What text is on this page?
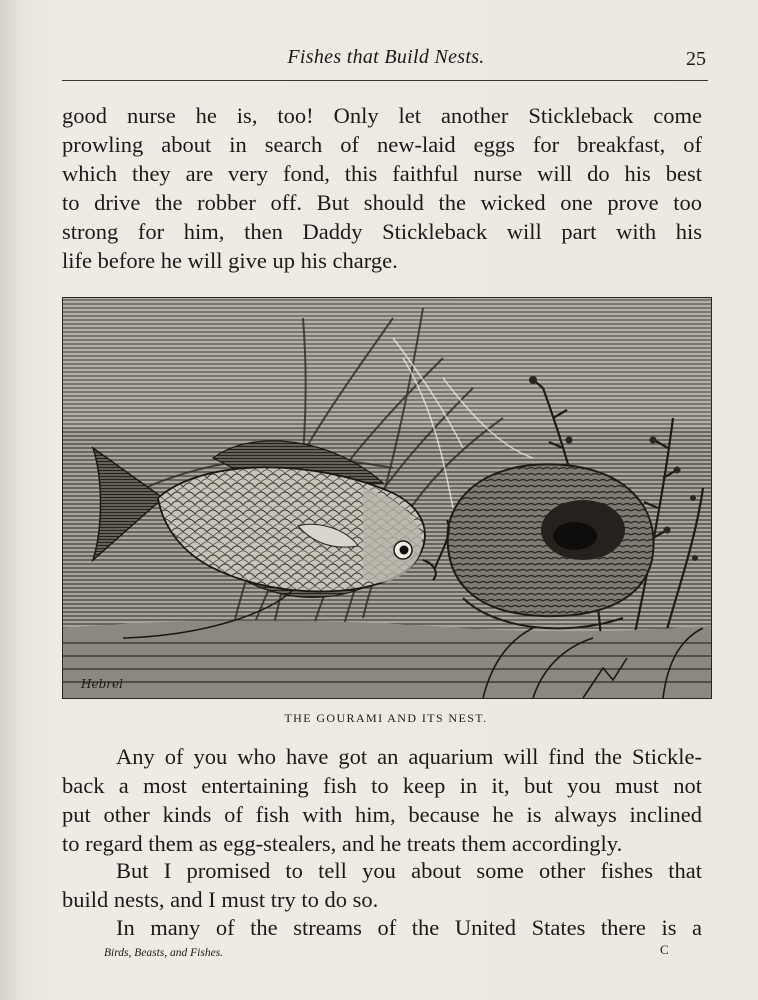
Fishes that Build Nests.	25
good nurse he is, too! Only let another Stickleback come
prowling about in search of new-laid eggs for breakfast, of
which they are very fond, this faithful nurse will do his best
to drive the robber off. But should the wicked one prove too
strong for him, then Daddy Stickleback will part with his
life before he will give up his charge.
Hebrel
THE GOURAMI AND ITS NEST.
Any of you who have got an aquarium will find the Stickle-
back a most entertaining fish to keep in it, but you must not
put other kinds of fish with him, because he is always inclined
to regard them as egg-stealers, and he treats them accordingly.
But I promised to tell you about some other fishes that
build nests, and I must try to do so.
In many of the streams of the United States there is a
Birds, Beasts, and Fishes.	C
